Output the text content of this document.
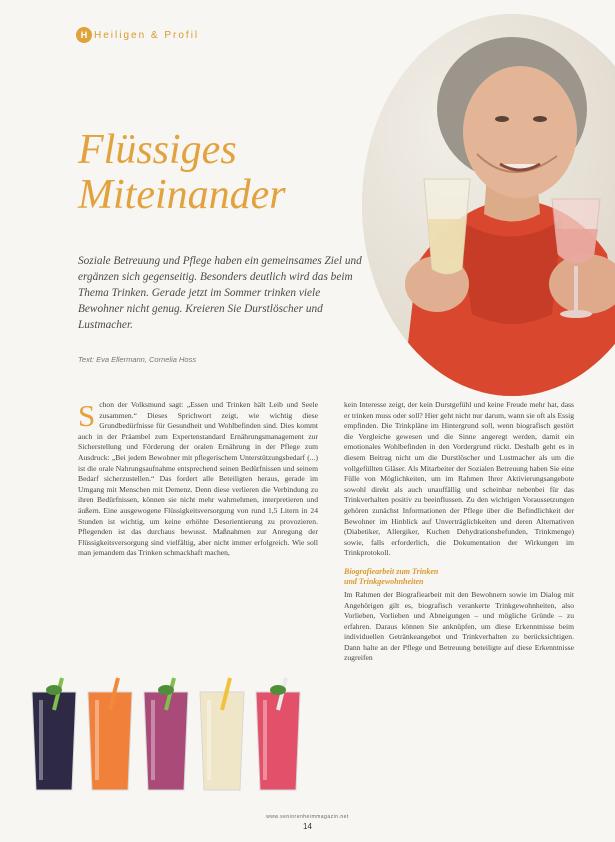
H Heiligen & Profil
Flüssiges
Miteinander
Soziale Betreuung und Pflege haben ein gemeinsames Ziel und ergänzen sich gegenseitig. Besonders deutlich wird das beim Thema Trinken. Gerade jetzt im Sommer trinken viele Bewohner nicht genug. Kreieren Sie Durstlöscher und Lustmacher.
Text: Eva Ellermann, Cornelia Hoss
S chon der Volksmund sagt: „Essen und Trinken hält Leib und Seele zusammen.“ Dieses Sprichwort zeigt, wie wichtig diese Grundbedürfnisse für Gesundheit und Wohlbefinden sind. Dies kommt auch in der Präambel zum Expertenstandard Ernährungsmanagement zur Sicherstellung und Förderung der oralen Ernährung in der Pflege zum Ausdruck: „Bei jedem Bewohner mit pflegerischem Unterstützungsbedarf (...) ist die orale Nahrungsaufnahme entsprechend seinen Bedürfnissen und seinem Bedarf sicherzustellen.“ Das fordert alle Beteiligten heraus, gerade im Umgang mit Menschen mit Demenz. Denn diese verlieren die Verbindung zu ihren Bedürfnissen, können sie nicht mehr wahrnehmen, interpretieren und äußern. Eine ausgewogene Flüssigkeitsversorgung von rund 1,5 Litern in 24 Stunden ist wichtig, um keine erhöhte Desorientierung zu provozieren. Pflegenden ist das durchaus bewusst. Maßnahmen zur Anregung der Flüssigkeitsversorgung sind vielfältig, aber nicht immer erfolgreich. Wie soll man jemandem das Trinken schmackhaft machen,

kein Interesse zeigt, der kein Durstgefühl und keine Freude mehr hat, dass er trinken muss oder soll? Hier geht nicht nur darum, wann sie oft als Essig empfinden. Die Trinkpläne im Hintergrund soll, wenn biografisch gestört die Vergleiche gewesen und die Sinne angeregt werden, damit ein emotionales Wohlbefinden in den Vordergrund rückt. Deshalb geht es in diesem Beitrag nicht um die Durstlöscher und Lustmacher als um die vollgefüllten Gläser. Als Mitarbeiter der Sozialen Betreuung haben Sie eine Fülle von Möglichkeiten, um im Rahmen Ihrer Aktivierungsangebote sowohl direkt als auch unauffällig und scheinbar nebenbei für das Trinkverhalten positiv zu beeinflussen. Zu den wichtigen Voraussetzungen gehören zunächst Informationen der Pflege über die Befindlichkeit der Bewohner im Hinblick auf Unverträglichkeiten und deren Alternativen (Diabetiker, Allergiker, Kuchen Dehydrationsbefunden, Trinkmenge) sowie, falls erforderlich, die Dokumentation der Wirkungen im Trinkprotokoll.

Biografiearbeit zum Trinken
und Trinkgewohnheiten

Im Rahmen der Biografiearbeit mit den Bewohnern sowie im Dialog mit Angehörigen gilt es, biografisch verankerte Trinkgewohnheiten, also Vorlieben, Vorlieben und Abneigungen – und mögliche Gründe – zu erfahren. Daraus können Sie anknüpfen, um diese Erkenntnisse beim individuellen Getränkeangebot und Trinkverhalten zu berücksichtigen. Dann halte an der Pflege und Betreuung beteiligte auf diese Erkenntnisse zugreifen

www.seniorenheimmagazin.net
14
